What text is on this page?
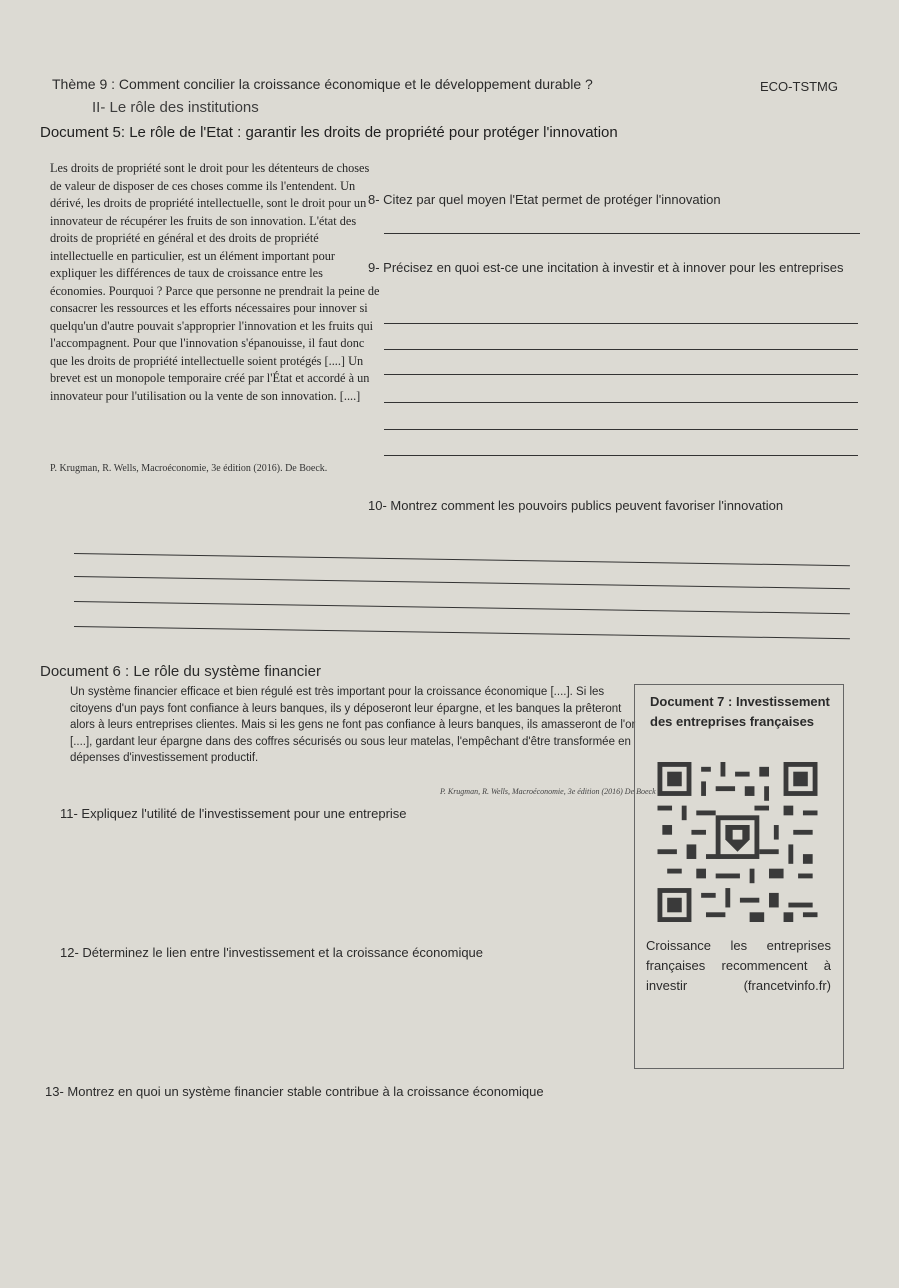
Thème 9 : Comment concilier la croissance économique et le développement durable ?	ECO-TSTMG
II- Le rôle des institutions
Document 5: Le rôle de l'Etat : garantir les droits de propriété pour protéger l'innovation
Les droits de propriété sont le droit pour les détenteurs de choses de valeur de disposer de ces choses comme ils l'entendent. Un dérivé, les droits de propriété intellectuelle, sont le droit pour un innovateur de récupérer les fruits de son innovation. L'état des droits de propriété en général et des droits de propriété intellectuelle en particulier, est un élément important pour expliquer les différences de taux de croissance entre les économies. Pourquoi ? Parce que personne ne prendrait la peine de consacrer les ressources et les efforts nécessaires pour innover si quelqu'un d'autre pouvait s'approprier l'innovation et les fruits qui l'accompagnent. Pour que l'innovation s'épanouisse, il faut donc que les droits de propriété intellectuelle soient protégés [....] Un brevet est un monopole temporaire créé par l'État et accordé à un innovateur pour l'utilisation ou la vente de son innovation. [....]
P. Krugman, R. Wells, Macroéconomie, 3e édition (2016). De Boeck.
8- Citez par quel moyen l'Etat permet de protéger l'innovation
9- Précisez en quoi est-ce une incitation à investir et à innover pour les entreprises
10- Montrez comment les pouvoirs publics peuvent favoriser l'innovation
Document 6 : Le rôle du système financier
Un système financier efficace et bien régulé est très important pour la croissance économique [....]. Si les citoyens d'un pays font confiance à leurs banques, ils y déposeront leur épargne, et les banques la prêteront alors à leurs entreprises clientes. Mais si les gens ne font pas confiance à leurs banques, ils amasseront de l'or [....], gardant leur épargne dans des coffres sécurisés ou sous leur matelas, l'empêchant d'être transformée en dépenses d'investissement productif.
P. Krugman, R. Wells, Macroéconomie, 3e édition (2016) De Boeck
11- Expliquez l'utilité de l'investissement pour une entreprise
12- Déterminez le lien entre l'investissement et la croissance économique
13- Montrez en quoi un système financier stable contribue à la croissance économique
Document 7 : Investissement des entreprises françaises
Croissance les entreprises françaises recommencent à investir (francetvinfo.fr)
